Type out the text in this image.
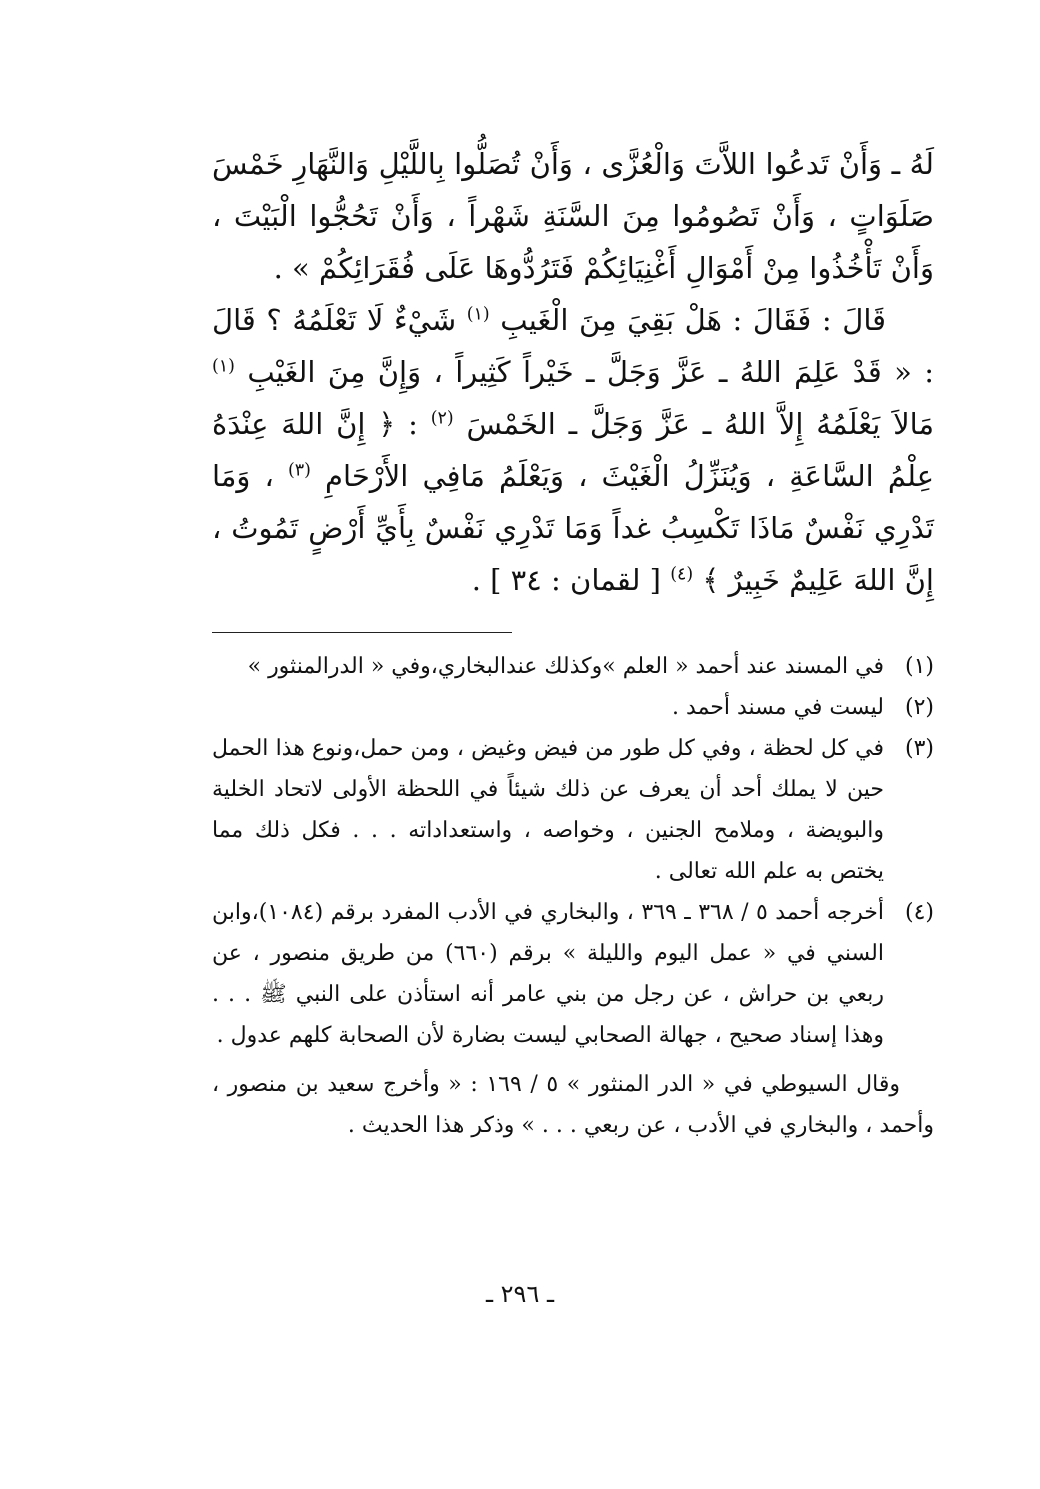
لَهُ ـ وَأَنْ تَدعُوا اللاَّتَ وَالْعُزَّى ، وَأَنْ تُصَلُّوا بِاللَّيْلِ وَالنَّهَارِ خَمْسَ صَلَوَاتٍ ، وَأَنْ تَصُومُوا مِنَ السَّنَةِ شَهْراً ، وَأَنْ تَحُجُّوا الْبَيْتَ ، وَأَنْ تَأْخُذُوا مِنْ أَمْوَالِ أَغْنِيَائِكُمْ فَتَرُدُّوهَا عَلَى فُقَرَائِكُمْ » .

قَالَ : فَقَالَ : هَلْ بَقِيَ مِنَ الْغَيبِ $^{(١)}$ شَيْءٌ لَا تَعْلَمُهُ ؟ قَالَ : « قَدْ عَلِمَ اللهُ ـ عَزَّ وَجَلَّ ـ خَيْراً كَثِيراً ، وَإِنَّ مِنَ الغَيْبِ $^{(١)}$ مَالاَ يَعْلَمُهُ إِلاَّ اللهُ ـ عَزَّ وَجَلَّ ـ الخَمْسَ $^{(٢)}$ : ﴿ إِنَّ اللهَ عِنْدَهُ عِلْمُ السَّاعَةِ ، وَيُنَزِّلُ الْغَيْثَ ، وَيَعْلَمُ مَافِي الأَرْحَامِ $^{(٣)}$ ، وَمَا تَدْرِي نَفْسٌ مَاذَا تَكْسِبُ غداً وَمَا تَدْرِي نَفْسٌ بِأَيِّ أَرْضٍ تَمُوتُ ، إِنَّ اللهَ عَلِيمٌ خَبِيرٌ ﴾ $^{(٤)}$ [ لقمان : ٣٤ ] .

(١)
في المسند عند أحمد « العلم »وكذلك عندالبخاري،وفي « الدرالمنثور »
(٢)
ليست في مسند أحمد .
(٣)
في كل لحظة ، وفي كل طور من فيض وغيض ، ومن حمل،ونوع هذا الحمل حين لا يملك أحد أن يعرف عن ذلك شيئاً في اللحظة الأولى لاتحاد الخلية والبويضة ، وملامح الجنين ، وخواصه ، واستعداداته . . . فكل ذلك مما يختص به علم الله تعالى .
(٤)
أخرجه أحمد ٥ / ٣٦٨ ـ ٣٦٩ ، والبخاري في الأدب المفرد برقم (١٠٨٤)،وابن السني في « عمل اليوم والليلة » برقم (٦٦٠) من طريق منصور ، عن ربعي بن حراش ، عن رجل من بني عامر أنه استأذن على النبي ﷺ . . . وهذا إسناد صحيح ، جهالة الصحابي ليست بضارة لأن الصحابة كلهم عدول .

وقال السيوطي في « الدر المنثور » ٥ / ١٦٩ : « وأخرج سعيد بن منصور ، وأحمد ، والبخاري في الأدب ، عن ربعي . . . » وذكر هذا الحديث .

ـ ٢٩٦ ـ
